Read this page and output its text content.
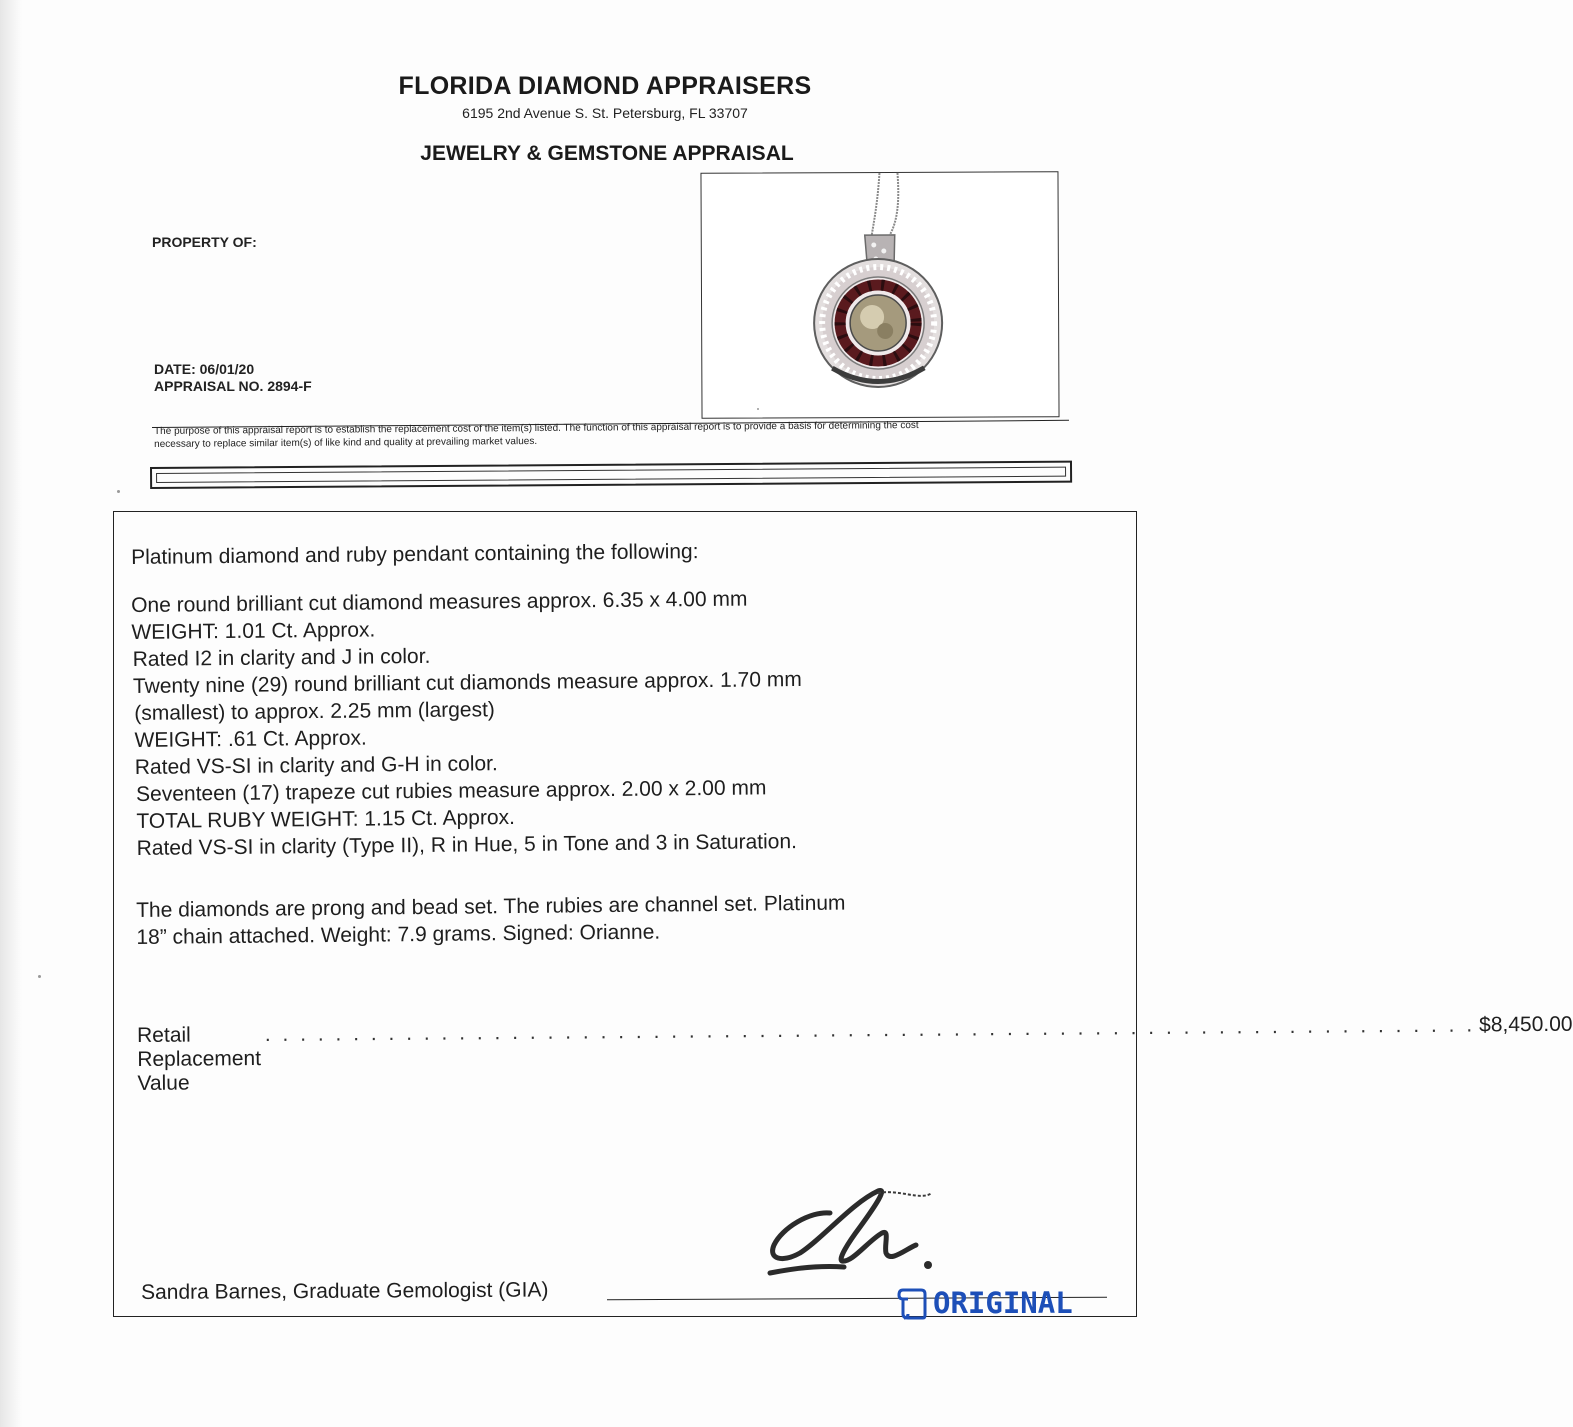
FLORIDA DIAMOND APPRAISERS
6195 2nd Avenue S. St. Petersburg, FL 33707
JEWELRY & GEMSTONE APPRAISAL
PROPERTY OF:
DATE: 06/01/20
APPRAISAL NO. 2894-F
The purpose of this appraisal report is to establish the replacement cost of the item(s) listed. The function of this appraisal report is to provide a basis for determining the cost
necessary to replace similar item(s) of like kind and quality at prevailing market values.
Platinum diamond and ruby pendant containing the following:
One round brilliant cut diamond measures approx. 6.35 x 4.00 mm
WEIGHT: 1.01 Ct. Approx.
Rated I2 in clarity and J in color.
Twenty nine (29) round brilliant cut diamonds measure approx. 1.70 mm
(smallest) to approx. 2.25 mm (largest)
WEIGHT: .61 Ct. Approx.
Rated VS-SI in clarity and G-H in color.
Seventeen (17) trapeze cut rubies measure approx. 2.00 x 2.00 mm
TOTAL RUBY WEIGHT: 1.15 Ct. Approx.
Rated VS-SI in clarity (Type II), R in Hue, 5 in Tone and 3 in Saturation.
The diamonds are prong and bead set. The rubies are channel set. Platinum
18” chain attached. Weight: 7.9 grams. Signed: Orianne.
Retail Replacement Value
. . . . . . . . . . . . . . . . . . . . . . . . . . . . . . . . . . . . . . . . . . . . . . . . . . . . . . . . . . . . . . . . . . . . . $8,450.00
Sandra Barnes, Graduate Gemologist (GIA)	ORIGINAL
